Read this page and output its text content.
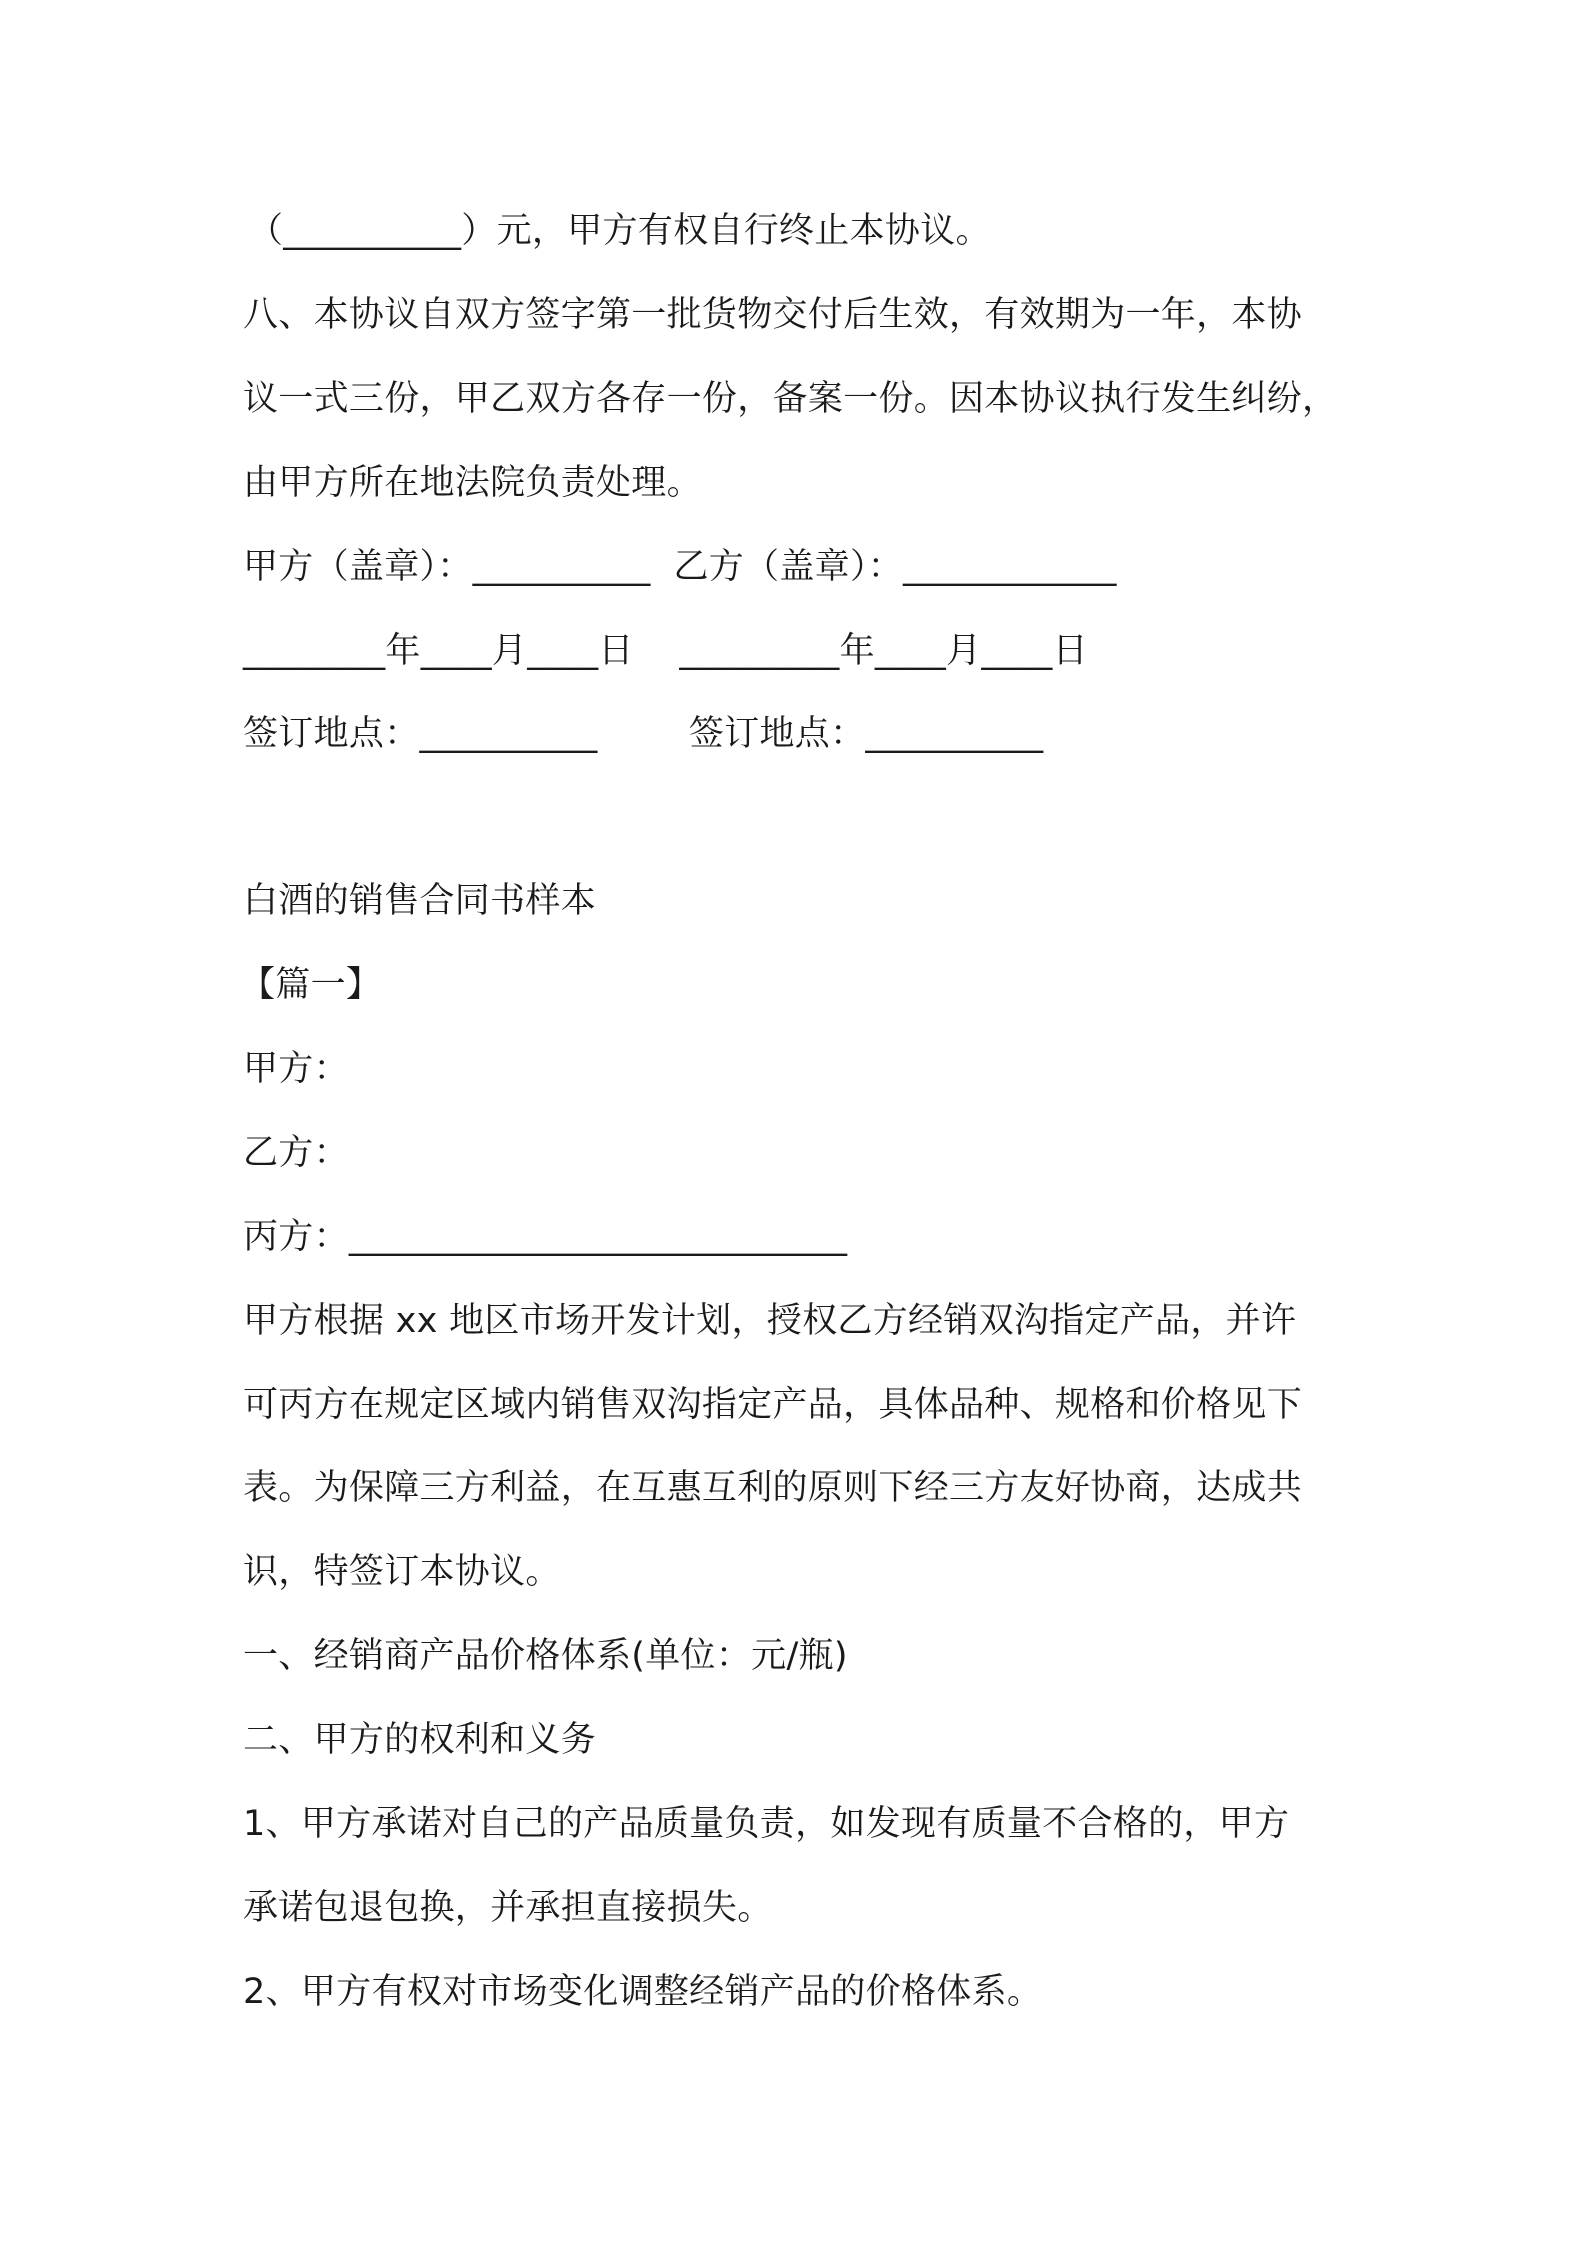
（__________）元，甲方有权自行终止本协议。
八、本协议自双方签字第一批货物交付后生效，有效期为一年，本协
议一式三份，甲乙双方各存一份，备案一份。因本协议执行发生纠纷，
由甲方所在地法院负责处理。
甲方（盖章）：__________  乙方（盖章）：____________
________年____月____日    _________年____月____日
签订地点：__________        签订地点：__________
白酒的销售合同书样本
【篇一】
甲方：
乙方：
丙方：____________________________
甲方根据 xx 地区市场开发计划，授权乙方经销双沟指定产品，并许
可丙方在规定区域内销售双沟指定产品，具体品种、规格和价格见下
表。为保障三方利益，在互惠互利的原则下经三方友好协商，达成共
识，特签订本协议。
一、经销商产品价格体系(单位：元/瓶)
二、甲方的权利和义务
1、甲方承诺对自己的产品质量负责，如发现有质量不合格的，甲方
承诺包退包换，并承担直接损失。
2、甲方有权对市场变化调整经销产品的价格体系。
